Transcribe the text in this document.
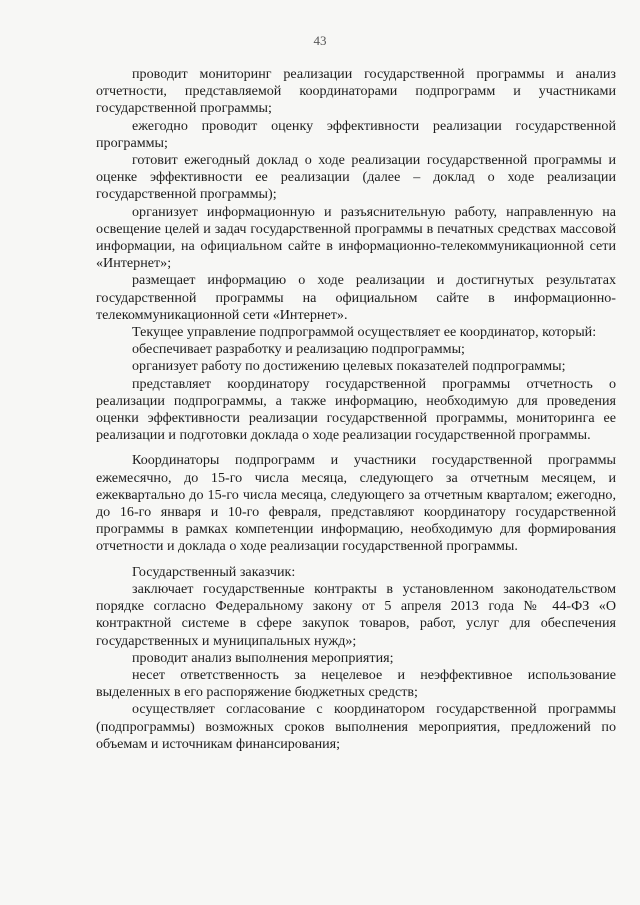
43

проводит мониторинг реализации государственной программы и анализ отчетности, представляемой координаторами подпрограмм и участниками государственной программы;

ежегодно проводит оценку эффективности реализации государственной программы;

готовит ежегодный доклад о ходе реализации государственной программы и оценке эффективности ее реализации (далее – доклад о ходе реализации государственной программы);

организует информационную и разъяснительную работу, направленную на освещение целей и задач государственной программы в печатных средствах массовой информации, на официальном сайте в информационно-телекоммуникационной сети «Интернет»;

размещает информацию о ходе реализации и достигнутых результатах государственной программы на официальном сайте в информационно-телекоммуникационной сети «Интернет».

Текущее управление подпрограммой осуществляет ее координатор, который:

обеспечивает разработку и реализацию подпрограммы;

организует работу по достижению целевых показателей подпрограммы;

представляет координатору государственной программы отчетность о реализации подпрограммы, а также информацию, необходимую для проведения оценки эффективности реализации государственной программы, мониторинга ее реализации и подготовки доклада о ходе реализации государственной программы.

Координаторы подпрограмм и участники государственной программы ежемесячно, до 15-го числа месяца, следующего за отчетным месяцем, и ежеквартально до 15-го числа месяца, следующего за отчетным кварталом; ежегодно, до 16-го января и 10-го февраля, представляют координатору государственной программы в рамках компетенции информацию, необходимую для формирования отчетности и доклада о ходе реализации государственной программы.

Государственный заказчик:

заключает государственные контракты в установленном законодательством порядке согласно Федеральному закону от 5 апреля 2013 года № 44-ФЗ «О контрактной системе в сфере закупок товаров, работ, услуг для обеспечения государственных и муниципальных нужд»;

проводит анализ выполнения мероприятия;

несет ответственность за нецелевое и неэффективное использование выделенных в его распоряжение бюджетных средств;

осуществляет согласование с координатором государственной программы (подпрограммы) возможных сроков выполнения мероприятия, предложений по объемам и источникам финансирования;
